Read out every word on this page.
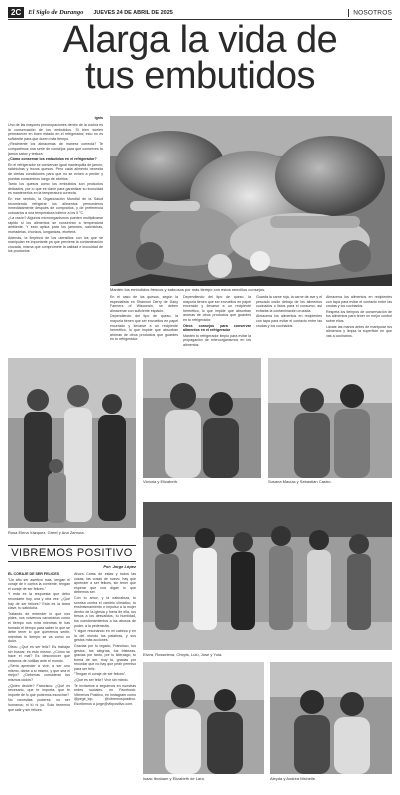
2C	El Siglo de Durango JUEVES 24 DE ABRIL DE 2025	NOSOTROS
Alarga la vida de
tus embutidos
Ignis

Uno de las mayores preocupaciones dentro de la cocina es la conservación de los embutidos. Si bien suelen permanecer en buen estado en el refrigerador, esto no es suficiente para que duren más tiempo.

¿Realmente los almacenas de manera correcta? Te compartimos una serie de consejos para que conserves tu jamón sabor y textura.

¿Cómo conservar los embutidos en el refrigerador?

En el refrigerador se conservan igual mantequilla de jamón, salchichas y trozos quesos. Pero cada alimento necesita de ciertas condiciones para que no se echen a perder y puedas consumirlos luego de abrirlos.

Tanto los quesos como los embutidos son productos delicados, por lo que es clave para garantizar su inocuidad es mantenerlos en la temperatura correcta.

En ese sentido, la Organización Mundial de la Salud recomienda refrigerar los alimentos perecederos inmediatamente después de comprarlos, y de preferencia colocarlos a una temperatura inferior a los 5 °C.

¿La razón? Algunos microorganismos pueden multiplicarse rápido si los alimentos se conservan a temperatura ambiente. Y esto aplica para los jamones, salchichas, mortadelas, chorizos, longanizas, etcétera.

Además, la limpieza de los utensilios con los que se manipulan es importante ya que previene la contaminación cruzada, misma que compromete la calidad e inocuidad de los productos.

Mantén tus embutidos frescos y sabrosos por más tiempo con estos sencillos consejos.

En el caso de los quesos, según la especialista en Shannon Derry de Dairy Farmers of Wisconsin, se deben almacenar con suficiente espacio.

Dependiendo del tipo de queso, la mayoría tienen que ser envueltos en papel encerado y llevarse a un recipiente hermético, lo que impide que absorban aromas de otros productos que guardes en tu refrigerador.

Dependiendo del tipo de queso, la mayoría tienen que ser envueltos en papel encerado y llevarse a un recipiente hermético, lo que impide que absorban aromas de otros productos que guardes en tu refrigerador.

Otros consejos para conservar alimentos en el refrigerador

Mantén tu refrigerador limpio para evitar la propagación de microorganismos en los alimentos.

Guarda la carne roja, la carne de ave y el pescado crudo debajo de los alimentos cocinados o listos para el consumo, así evitarás la contaminación cruzada.

Almacena los alimentos en recipientes con tapa para evitar el contacto entre las crudas y los cocinados.

Almacena los alimentos en recipientes con tapa para evitar el contacto entre las crudas y los cocinados.

Respeta los tiempos de conservación de tus alimentos para tener un mejor control sobre ellos.

Lávate las manos antes de manipular tus alimentos y limpia la superficie en que vas a cocinarlos.

Rosa Elena Vázquez, Greet y Ana Zamora.
Victoria y Elizabeth.	Susana Macías y Sebastián Castro.
VIBREMOS POSITIVO
Por: Jorge López

EL CORAJE DE SER FELICES

"Un año ser asertivo más, tengan el coraje de ir contra la corriente, tengan el coraje de ser felices."

Y esta es la respuesta que debo recordarte hoy, una y otra vez: ¿Qué hay de ser felices? Esta es la tarea clave, tu sabiduría.

Tratando de entender lo que nos pides, nos volvemos carcelarios como el tiempo nos mira mientras te has tomado el tiempo para saber lo que se debe tener lo que queremos sentir, mientras tu tiempo se va como un dolor.

Otros: ¿Qué es ser feliz? Es trabajar sin buscar, es esto mismo. ¿Cómo se hace el mal? Es desconocer que estamos de rodillas ante el mundo.

¿Sería aprender a vivir, a ser uno mismo, darse a sí mismo, y que sea el mejor? ¿Deberías considerar tus mismos ídolos?

¿Quién decide? Francisco: ¿Qué es necesario, que te importa, que te importe de lo que podemos escuchar?

No necesitas poderes, no ser humanos; ni tú ni yo. Solo tenemos que salir y ser felices.

Ahora Caras de estas y todos las cosas, las cosas de nuevo, hay que aprender a ser felices, sin tener que esperar que nos digan lo que debemos ser.

Con tu amor, y la naturaleza, tu sonrisa contra el cambio climático, tu ensimismamiento e impulso a la mujer dentro de la iglesia y fuera de ella, tus besos a los desvalidos, tu humildad, tus cuestionamientos a los abusos de poder, a la pederastia.

Y sigue resonando en mi cabeza y en la del mundo tus palabras, y sus gestos más acciones.

Gracias por tu legado, Francisco, tus gestos, tus alegrías, tus tristezas, gracias por tanto, por tu liderazgo, tu forma de ser, muy tú, gracias por recordar que no hay que pedir permiso para ser feliz.

"Tengan el coraje de ser felices".

¿Qué es ser feliz? Vivir sin miedo.

Te invitamos a seguirnos en nuestras redes sociales, en Facebook: Vibremos Positivo, en Instagram como @jorge_lop, @vibremospositivo. Escríbenos a jorge@vibpositivo.com.

Elvira, Rosselena, Chepis, Lulú, Jose y Yola.
Isaac Ibraham y Elizabeth de Lara.	Aleyda y Andrea Michelle.
